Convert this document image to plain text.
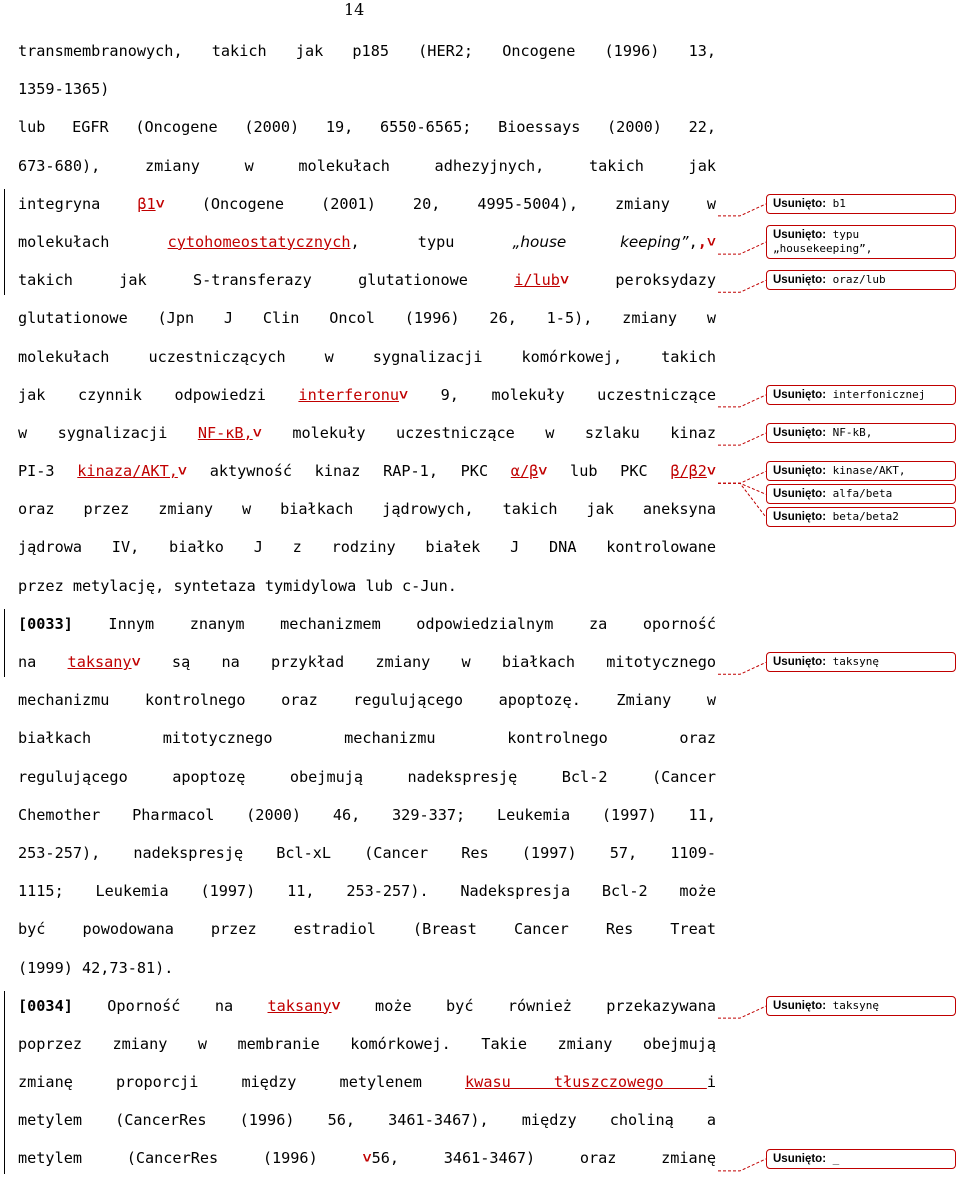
14
transmembranowych, takich jak p185 (HER2; Oncogene (1996) 13,
1359-1365)
lub EGFR (Oncogene (2000) 19, 6550-6565; Bioessays (2000) 22,
673-680), zmiany w molekułach adhezyjnych, takich jak
integryna β1˅ (Oncogene (2001) 20, 4995-5004), zmiany w
molekułach cytohomeostatycznych, typu „house keeping”,,˅
takich jak S-transferazy glutationowe i/lub˅ peroksydazy
glutationowe (Jpn J Clin Oncol (1996) 26, 1-5), zmiany w
molekułach uczestniczących w sygnalizacji komórkowej, takich
jak czynnik odpowiedzi interferonu˅ 9, molekuły uczestniczące
w sygnalizacji NF-κB,˅ molekuły uczestniczące w szlaku kinaz
PI-3 kinaza/AKT,˅ aktywność kinaz RAP-1, PKC α/β˅ lub PKC β/β2˅
oraz przez zmiany w białkach jądrowych, takich jak aneksyna
jądrowa IV, białko J z rodziny białek J DNA kontrolowane
przez metylację, syntetaza tymidylowa lub c-Jun.
[0033] Innym znanym mechanizmem odpowiedzialnym za oporność
na taksany˅ są na przykład zmiany w białkach mitotycznego
mechanizmu kontrolnego oraz regulującego apoptozę. Zmiany w
białkach mitotycznego mechanizmu kontrolnego oraz
regulującego apoptozę obejmują nadekspresję Bcl-2 (Cancer
Chemother Pharmacol (2000) 46, 329-337; Leukemia (1997) 11,
253-257), nadekspresję Bcl-xL (Cancer Res (1997) 57, 1109-
1115; Leukemia (1997) 11, 253-257). Nadekspresja Bcl-2 może
być powodowana przez estradiol (Breast Cancer Res Treat
(1999) 42,73-81).
[0034] Oporność na taksany˅ może być również przekazywana
poprzez zmiany w membranie komórkowej. Takie zmiany obejmują
zmianę proporcji między metylenem kwasu tłuszczowego i
metylem (CancerRes (1996) 56, 3461-3467), między choliną a
metylem (CancerRes (1996) ˅56, 3461-3467) oraz zmianę
Usunięto: b1
Usunięto: typu „housekeeping”,
Usunięto: oraz/lub
Usunięto: interfonicznej
Usunięto: NF-kB,
Usunięto: kinase/AKT,
Usunięto: alfa/beta
Usunięto: beta/beta2
Usunięto: taksynę
Usunięto: taksynę
Usunięto: _
